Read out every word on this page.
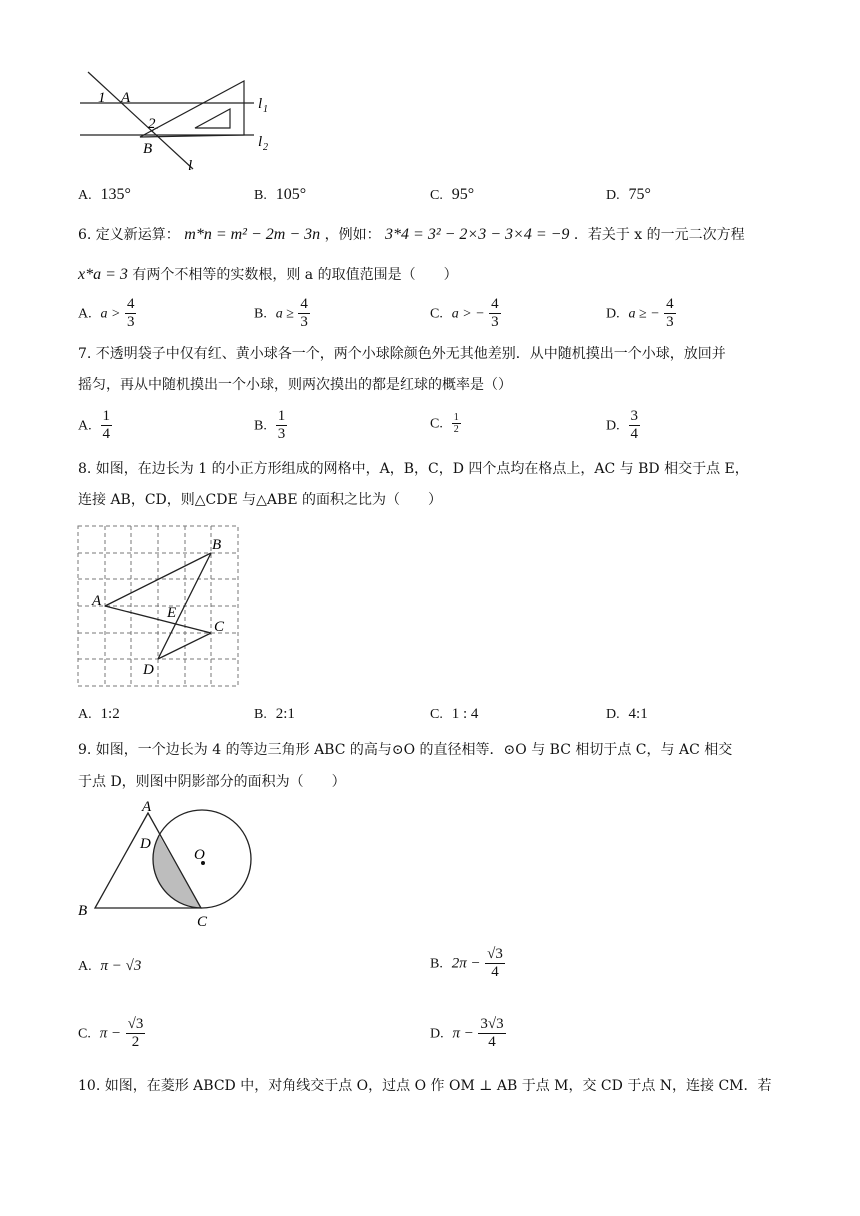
1 A
2
B
l 1
l 2
l
A. 135°	B. 105°	C. 95°	D. 75°
6. 定义新运算： m*n = m² − 2m − 3n ，例如： 3*4 = 3² − 2×3 − 3×4 = −9 ．若关于 x 的一元二次方程
x*a = 3 有两个不相等的实数根，则 a 的取值范围是（　　）
A. $a > \frac{4}{3}$	B. $a \ge \frac{4}{3}$	C. a > − $\frac{4}{3}$	D. a ≥ − $\frac{4}{3}$
7. 不透明袋子中仅有红、黄小球各一个，两个小球除颜色外无其他差别．从中随机摸出一个小球，放回并
摇匀，再从中随机摸出一个小球，则两次摸出的都是红球的概率是（）
A. $\frac{1}{4}$	B. $\frac{1}{3}$	C. $\frac{1}{2}$	D. $\frac{3}{4}$
8. 如图，在边长为 1 的小正方形组成的网格中，A，B，C，D 四个点均在格点上，AC 与 BD 相交于点 E，
连接 AB，CD，则△CDE 与△ABE 的面积之比为（　　）
B
A
E
C
D
A. 1:2	B. 2:1	C. 1 : 4	D. 4:1
9. 如图，一个边长为 4 的等边三角形 ABC 的高与⊙O 的直径相等．⊙O 与 BC 相切于点 C，与 AC 相交
于点 D，则图中阴影部分的面积为（　　）
A
D
O
B
C
A. π − √3	B. $2\pi - \frac{√3}{4}$
C. $\pi - \frac{√3}{2}$	D. $\pi - \frac{3√3}{4}$
10. 如图，在菱形 ABCD 中，对角线交于点 O，过点 O 作 OM ⊥ AB 于点 M，交 CD 于点 N，连接 CM．若
